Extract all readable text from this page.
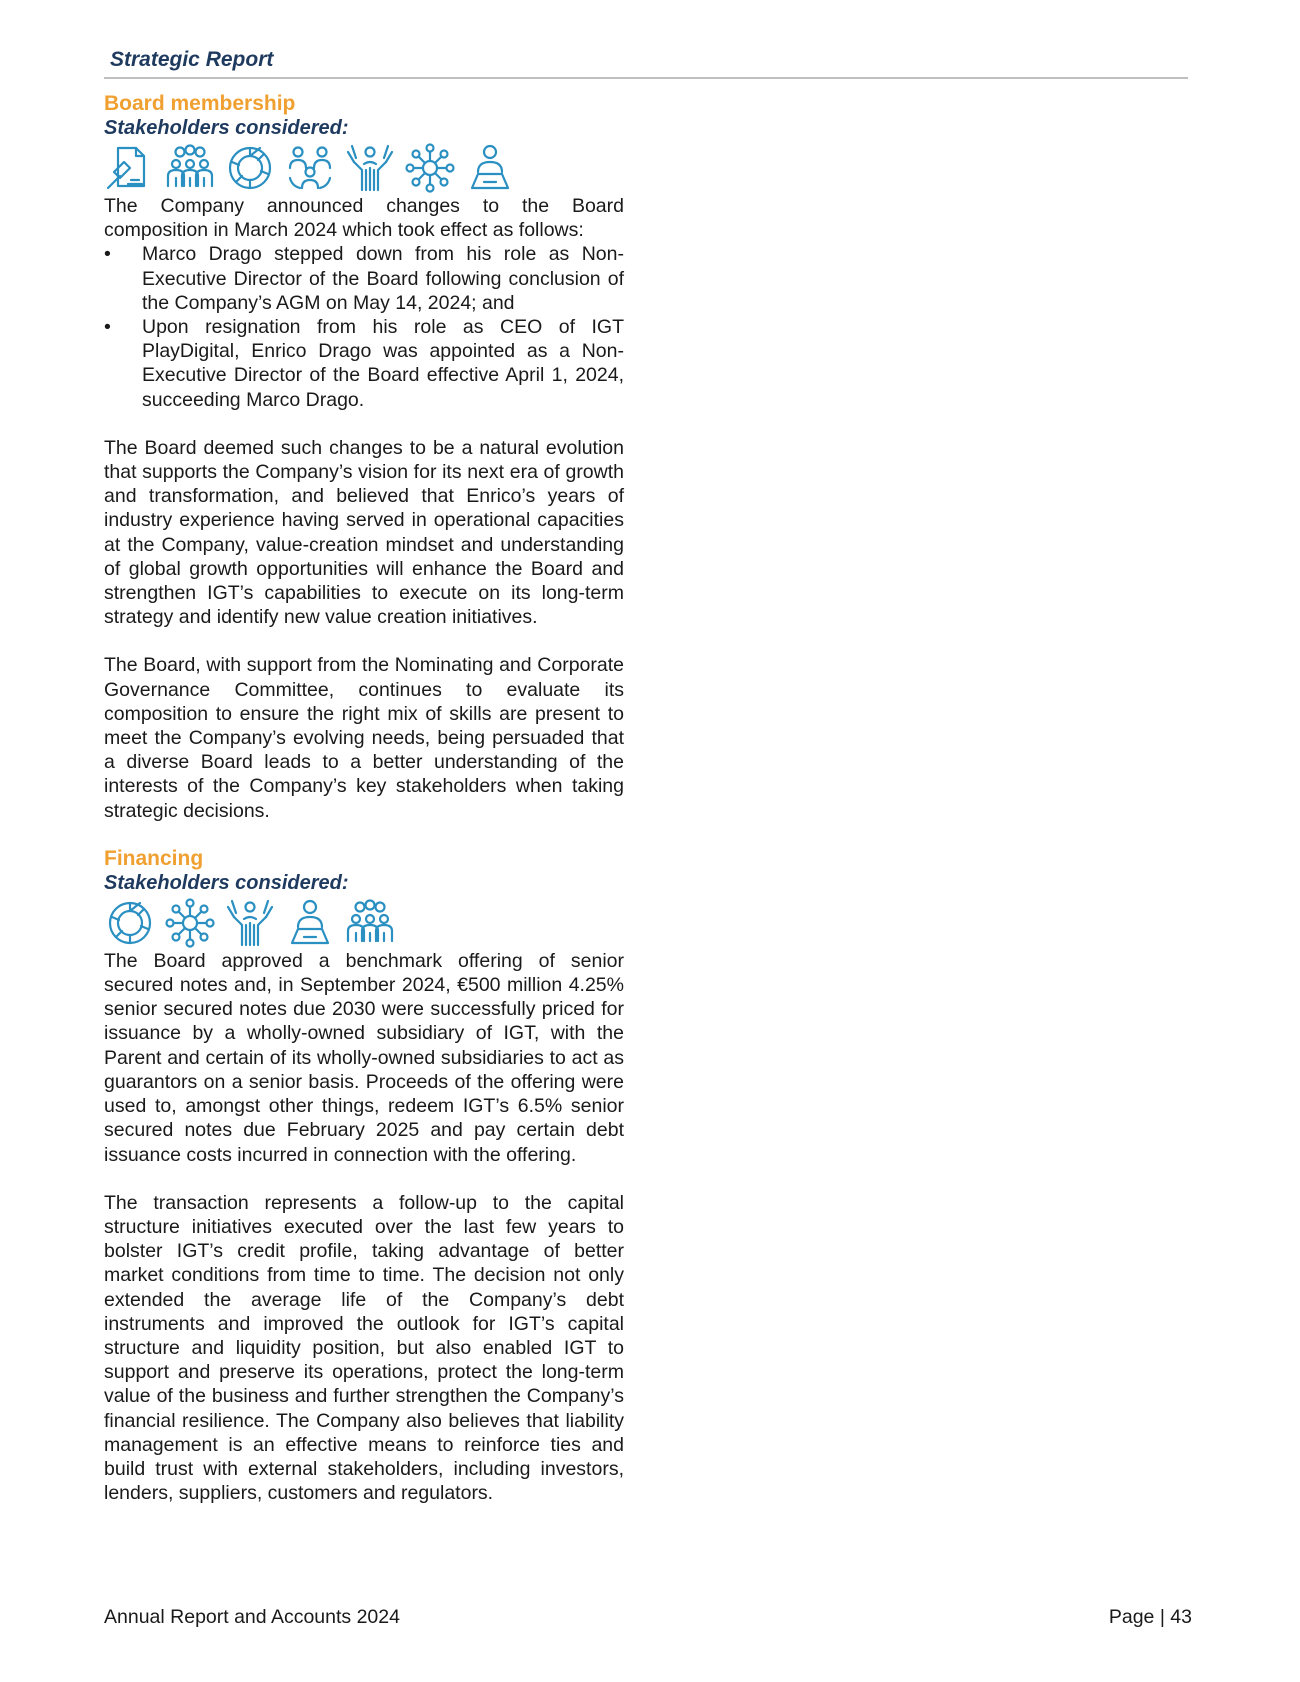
Strategic Report
Board membership
Stakeholders considered:

The Company announced changes to the Board composition in March 2024 which took effect as follows:

• Marco Drago stepped down from his role as Non-Executive Director of the Board following conclusion of the Company’s AGM on May 14, 2024; and
• Upon resignation from his role as CEO of IGT PlayDigital, Enrico Drago was appointed as a Non-Executive Director of the Board effective April 1, 2024, succeeding Marco Drago.

The Board deemed such changes to be a natural evolution that supports the Company’s vision for its next era of growth and transformation, and believed that Enrico’s years of industry experience having served in operational capacities at the Company, value-creation mindset and understanding of global growth opportunities will enhance the Board and strengthen IGT’s capabilities to execute on its long-term strategy and identify new value creation initiatives.

The Board, with support from the Nominating and Corporate Governance Committee, continues to evaluate its composition to ensure the right mix of skills are present to meet the Company’s evolving needs, being persuaded that a diverse Board leads to a better understanding of the interests of the Company’s key stakeholders when taking strategic decisions.

Financing
Stakeholders considered:

The Board approved a benchmark offering of senior secured notes and, in September 2024, €500 million 4.25% senior secured notes due 2030 were successfully priced for issuance by a wholly-owned subsidiary of IGT, with the Parent and certain of its wholly-owned subsidiaries to act as guarantors on a senior basis. Proceeds of the offering were used to, amongst other things, redeem IGT’s 6.5% senior secured notes due February 2025 and pay certain debt issuance costs incurred in connection with the offering.

The transaction represents a follow-up to the capital structure initiatives executed over the last few years to bolster IGT’s credit profile, taking advantage of better market conditions from time to time. The decision not only extended the average life of the Company’s debt instruments and improved the outlook for IGT’s capital structure and liquidity position, but also enabled IGT to support and preserve its operations, protect the long-term value of the business and further strengthen the Company’s financial resilience. The Company also believes that liability management is an effective means to reinforce ties and build trust with external stakeholders, including investors, lenders, suppliers, customers and regulators.

Annual Report and Accounts 2024	Page | 43
